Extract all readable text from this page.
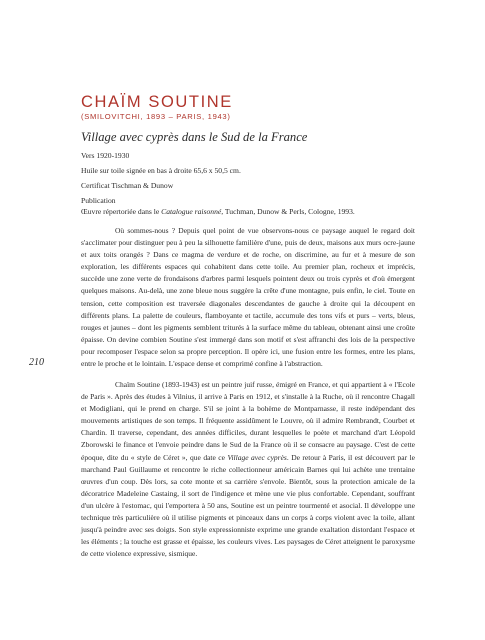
CHAÏM SOUTINE
(SMILOVITCHI, 1893 – PARIS, 1943)
Village avec cyprès dans le Sud de la France
Vers 1920-1930
Huile sur toile signée en bas à droite 65,6 x 50,5 cm.
Certificat Tischman & Dunow
Publication
Œuvre répertoriée dans le Catalogue raisonné, Tuchman, Dunow & Perls, Cologne, 1993.

Où sommes-nous ? Depuis quel point de vue observons-nous ce paysage auquel le regard doit s'acclimater pour distinguer peu à peu la silhouette familière d'une, puis de deux, maisons aux murs ocre-jaune et aux toits orangés ? Dans ce magma de verdure et de roche, on discrimine, au fur et à mesure de son exploration, les différents espaces qui cohabitent dans cette toile. Au premier plan, rocheux et imprécis, succède une zone verte de frondaisons d'arbres parmi lesquels pointent deux ou trois cyprès et d'où émergent quelques maisons. Au-delà, une zone bleue nous suggère la crête d'une montagne, puis enfin, le ciel. Toute en tension, cette composition est traversée diagonales descendantes de gauche à droite qui la découpent en différents plans. La palette de couleurs, flamboyante et tactile, accumule des tons vifs et purs – verts, bleus, rouges et jaunes – dont les pigments semblent triturés à la surface même du tableau, obtenant ainsi une croûte épaisse. On devine combien Soutine s'est immergé dans son motif et s'est affranchi des lois de la perspective pour recomposer l'espace selon sa propre perception. Il opère ici, une fusion entre les formes, entre les plans, entre le proche et le lointain. L'espace dense et comprimé confine à l'abstraction.

Chaïm Soutine (1893-1943) est un peintre juif russe, émigré en France, et qui appartient à « l'Ecole de Paris ». Après des études à Vilnius, il arrive à Paris en 1912, et s'installe à la Ruche, où il rencontre Chagall et Modigliani, qui le prend en charge. S'il se joint à la bohème de Montparnasse, il reste indépendant des mouvements artistiques de son temps. Il fréquente assidûment le Louvre, où il admire Rembrandt, Courbet et Chardin. Il traverse, cependant, des années difficiles, durant lesquelles le poète et marchand d'art Léopold Zborowski le finance et l'envoie peindre dans le Sud de la France où il se consacre au paysage. C'est de cette époque, dite du « style de Céret », que date ce Village avec cyprès. De retour à Paris, il est découvert par le marchand Paul Guillaume et rencontre le riche collectionneur américain Barnes qui lui achète une trentaine œuvres d'un coup. Dès lors, sa cote monte et sa carrière s'envole. Bientôt, sous la protection amicale de la décoratrice Madeleine Castaing, il sort de l'indigence et mène une vie plus confortable. Cependant, souffrant d'un ulcère à l'estomac, qui l'emportera à 50 ans, Soutine est un peintre tourmenté et asocial. Il développe une technique très particulière où il utilise pigments et pinceaux dans un corps à corps violent avec la toile, allant jusqu'à peindre avec ses doigts. Son style expressionniste exprime une grande exaltation distordant l'espace et les éléments ; la touche est grasse et épaisse, les couleurs vives. Les paysages de Céret atteignent le paroxysme de cette violence expressive, sismique.

210
